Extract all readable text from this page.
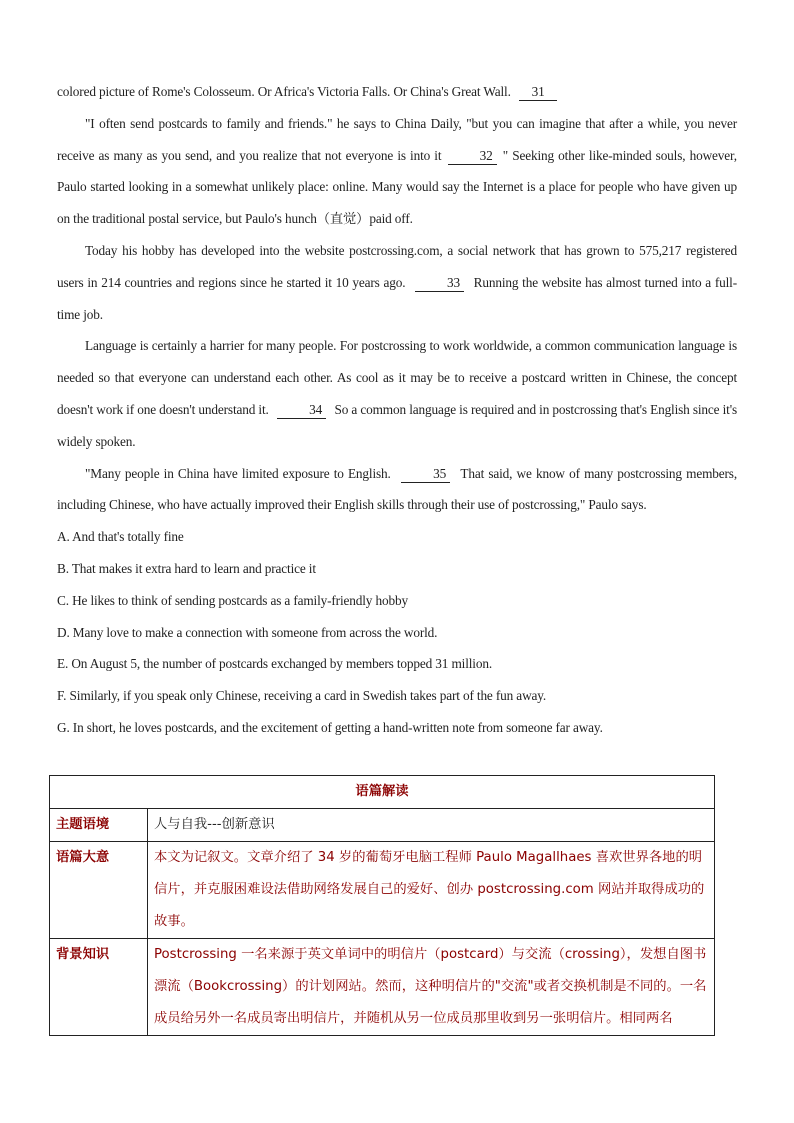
colored picture of Rome's Colosseum. Or Africa's Victoria Falls. Or China's Great Wall. 31

"I often send postcards to family and friends." he says to China Daily, "but you can imagine that after a while, you never receive as many as you send, and you realize that not everyone is into it	32 " Seeking other like-minded souls, however, Paulo started looking in a somewhat unlikely place: online. Many would say the Internet is a place for people who have given up on the traditional postal service, but Paulo's hunch（直觉）paid off.

Today his hobby has developed into the website postcrossing.com, a social network that has grown to 575,217 registered users in 214 countries and regions since he started it 10 years ago.	33 Running the website has almost turned into a full-time job.

Language is certainly a harrier for many people. For postcrossing to work worldwide, a common communication language is needed so that everyone can understand each other. As cool as it may be to receive a postcard written in Chinese, the concept doesn't work if one doesn't understand it.	34 So a common language is required and in postcrossing that's English since it's widely spoken.

"Many people in China have limited exposure to English.	35 That said, we know of many postcrossing members, including Chinese, who have actually improved their English skills through their use of postcrossing," Paulo says.

A. And that's totally fine
B. That makes it extra hard to learn and practice it
C. He likes to think of sending postcards as a family-friendly hobby
D. Many love to make a connection with someone from across the world.
E. On August 5, the number of postcards exchanged by members topped 31 million.
F. Similarly, if you speak only Chinese, receiving a card in Swedish takes part of the fun away.
G. In short, he loves postcards, and the excitement of getting a hand-written note from someone far away.
语篇解读	
主题语境	人与自我---创新意识
语篇大意	本文为记叙文。文章介绍了 34 岁的葡萄牙电脑工程师 Paulo Magallhaes 喜欢世界各地的明信片，并克服困难设法借助网络发展自己的爱好、创办 postcrossing.com 网站并取得成功的故事。
背景知识	Postcrossing 一名来源于英文单词中的明信片（postcard）与交流（crossing），发想自图书漂流（Bookcrossing）的计划网站。然而，这种明信片的"交流"或者交换机制是不同的。一名成员给另外一名成员寄出明信片，并随机从另一位成员那里收到另一张明信片。相同两名
